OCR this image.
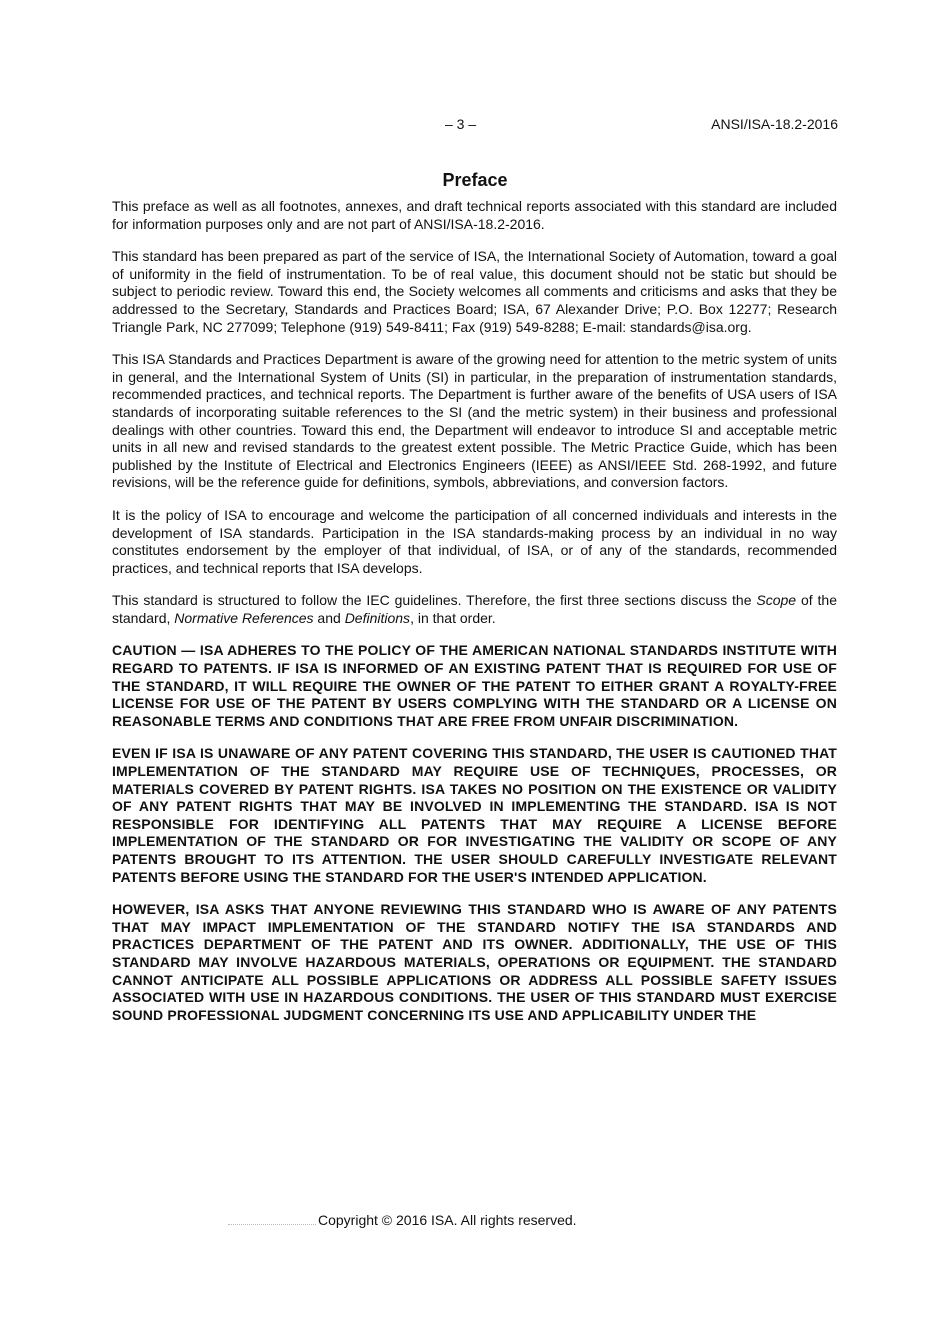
– 3 –	ANSI/ISA-18.2-2016
Preface

This preface as well as all footnotes, annexes, and draft technical reports associated with this standard are included for information purposes only and are not part of ANSI/ISA-18.2-2016.

This standard has been prepared as part of the service of ISA, the International Society of Automation, toward a goal of uniformity in the field of instrumentation. To be of real value, this document should not be static but should be subject to periodic review. Toward this end, the Society welcomes all comments and criticisms and asks that they be addressed to the Secretary, Standards and Practices Board; ISA, 67 Alexander Drive; P.O. Box 12277; Research Triangle Park, NC 277099; Telephone (919) 549-8411; Fax (919) 549-8288; E-mail: standards@isa.org.

This ISA Standards and Practices Department is aware of the growing need for attention to the metric system of units in general, and the International System of Units (SI) in particular, in the preparation of instrumentation standards, recommended practices, and technical reports. The Department is further aware of the benefits of USA users of ISA standards of incorporating suitable references to the SI (and the metric system) in their business and professional dealings with other countries. Toward this end, the Department will endeavor to introduce SI and acceptable metric units in all new and revised standards to the greatest extent possible. The Metric Practice Guide, which has been published by the Institute of Electrical and Electronics Engineers (IEEE) as ANSI/IEEE Std. 268-1992, and future revisions, will be the reference guide for definitions, symbols, abbreviations, and conversion factors.

It is the policy of ISA to encourage and welcome the participation of all concerned individuals and interests in the development of ISA standards. Participation in the ISA standards-making process by an individual in no way constitutes endorsement by the employer of that individual, of ISA, or of any of the standards, recommended practices, and technical reports that ISA develops.

This standard is structured to follow the IEC guidelines. Therefore, the first three sections discuss the Scope of the standard, Normative References and Definitions, in that order.

CAUTION — ISA ADHERES TO THE POLICY OF THE AMERICAN NATIONAL STANDARDS INSTITUTE WITH REGARD TO PATENTS. IF ISA IS INFORMED OF AN EXISTING PATENT THAT IS REQUIRED FOR USE OF THE STANDARD, IT WILL REQUIRE THE OWNER OF THE PATENT TO EITHER GRANT A ROYALTY-FREE LICENSE FOR USE OF THE PATENT BY USERS COMPLYING WITH THE STANDARD OR A LICENSE ON REASONABLE TERMS AND CONDITIONS THAT ARE FREE FROM UNFAIR DISCRIMINATION.

EVEN IF ISA IS UNAWARE OF ANY PATENT COVERING THIS STANDARD, THE USER IS CAUTIONED THAT IMPLEMENTATION OF THE STANDARD MAY REQUIRE USE OF TECHNIQUES, PROCESSES, OR MATERIALS COVERED BY PATENT RIGHTS. ISA TAKES NO POSITION ON THE EXISTENCE OR VALIDITY OF ANY PATENT RIGHTS THAT MAY BE INVOLVED IN IMPLEMENTING THE STANDARD. ISA IS NOT RESPONSIBLE FOR IDENTIFYING ALL PATENTS THAT MAY REQUIRE A LICENSE BEFORE IMPLEMENTATION OF THE STANDARD OR FOR INVESTIGATING THE VALIDITY OR SCOPE OF ANY PATENTS BROUGHT TO ITS ATTENTION. THE USER SHOULD CAREFULLY INVESTIGATE RELEVANT PATENTS BEFORE USING THE STANDARD FOR THE USER'S INTENDED APPLICATION.

HOWEVER, ISA ASKS THAT ANYONE REVIEWING THIS STANDARD WHO IS AWARE OF ANY PATENTS THAT MAY IMPACT IMPLEMENTATION OF THE STANDARD NOTIFY THE ISA STANDARDS AND PRACTICES DEPARTMENT OF THE PATENT AND ITS OWNER. ADDITIONALLY, THE USE OF THIS STANDARD MAY INVOLVE HAZARDOUS MATERIALS, OPERATIONS OR EQUIPMENT. THE STANDARD CANNOT ANTICIPATE ALL POSSIBLE APPLICATIONS OR ADDRESS ALL POSSIBLE SAFETY ISSUES ASSOCIATED WITH USE IN HAZARDOUS CONDITIONS. THE USER OF THIS STANDARD MUST EXERCISE SOUND PROFESSIONAL JUDGMENT CONCERNING ITS USE AND APPLICABILITY UNDER THE

Copyright © 2016 ISA. All rights reserved.
